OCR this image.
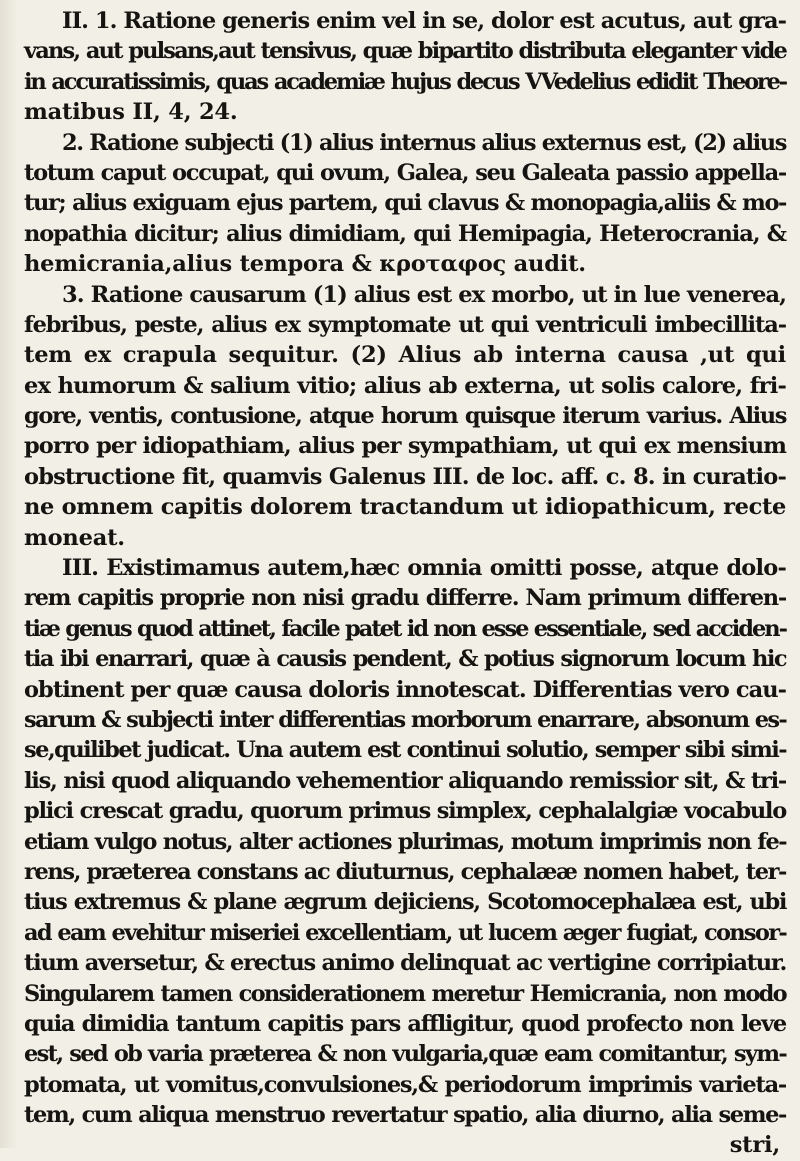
II. 1. Ratione generis enim vel in se, dolor est acutus, aut gra-
vans, aut pulsans,aut tensivus, quæ bipartito distributa eleganter vide
in accuratissimis, quas academiæ hujus decus VVedelius edidit Theore-
matibus II, 4, 24.
2. Ratione subjecti (1) alius internus alius externus est, (2) alius
totum caput occupat, qui ovum, Galea, seu Galeata passio appella-
tur; alius exiguam ejus partem, qui clavus & monopagia,aliis & mo-
nopathia dicitur; alius dimidiam, qui Hemipagia, Heterocrania, &
hemicrania,alius tempora & κροταφος audit.
3. Ratione causarum (1) alius est ex morbo, ut in lue venerea,
febribus, peste, alius ex symptomate ut qui ventriculi imbecillita-
tem ex crapula sequitur. (2) Alius ab interna causa ,ut qui
ex humorum & salium vitio; alius ab externa, ut solis calore, fri-
gore, ventis, contusione, atque horum quisque iterum varius. Alius
porro per idiopathiam, alius per sympathiam, ut qui ex mensium
obstructione fit, quamvis Galenus III. de loc. aff. c. 8. in curatio-
ne omnem capitis dolorem tractandum ut idiopathicum, recte
moneat.
III. Existimamus autem,hæc omnia omitti posse, atque dolo-
rem capitis proprie non nisi gradu differre. Nam primum differen-
tiæ genus quod attinet, facile patet id non esse essentiale, sed acciden-
tia ibi enarrari, quæ à causis pendent, & potius signorum locum hic
obtinent per quæ causa doloris innotescat. Differentias vero cau-
sarum & subjecti inter differentias morborum enarrare, absonum es-
se,quilibet judicat. Una autem est continui solutio, semper sibi simi-
lis, nisi quod aliquando vehementior aliquando remissior sit, & tri-
plici crescat gradu, quorum primus simplex, cephalalgiæ vocabulo
etiam vulgo notus, alter actiones plurimas, motum imprimis non fe-
rens, præterea constans ac diuturnus, cephalææ nomen habet, ter-
tius extremus & plane ægrum dejiciens, Scotomocephalæa est, ubi
ad eam evehitur miseriei excellentiam, ut lucem æger fugiat, consor-
tium aversetur, & erectus animo delinquat ac vertigine corripiatur.
Singularem tamen considerationem meretur Hemicrania, non modo
quia dimidia tantum capitis pars affligitur, quod profecto non leve
est, sed ob varia præterea & non vulgaria,quæ eam comitantur, sym-
ptomata, ut vomitus,convulsiones,& periodorum imprimis varieta-
tem, cum aliqua menstruo revertatur spatio, alia diurno, alia seme-
stri,
